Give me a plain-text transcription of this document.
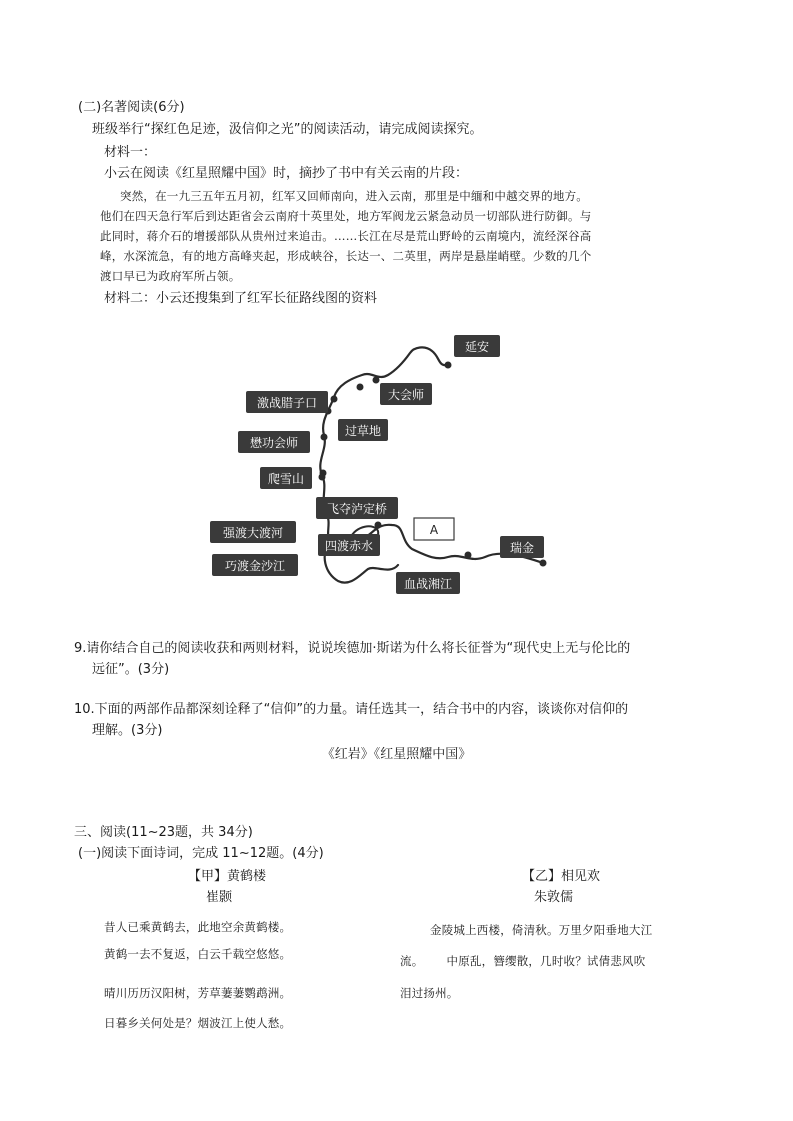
(二)名著阅读(6分)
班级举行“探红色足迹，汲信仰之光”的阅读活动，请完成阅读探究。
材料一：
小云在阅读《红星照耀中国》时，摘抄了书中有关云南的片段：
突然，在一九三五年五月初，红军又回师南向，进入云南，那里是中缅和中越交界的地方。
他们在四天急行军后到达距省会云南府十英里处，地方军阀龙云紧急动员一切部队进行防御。与
此同时，蒋介石的增援部队从贵州过来追击。……长江在尽是荒山野岭的云南境内，流经深谷高
峰，水深流急，有的地方高峰夹起，形成峡谷，长达一、二英里，两岸是悬崖峭壁。少数的几个
渡口早已为政府军所占领。
材料二：小云还搜集到了红军长征路线图的资料
延安
大会师
激战腊子口
过草地
懋功会师
爬雪山
飞夺泸定桥
强渡大渡河
四渡赤水
A
巧渡金沙江
血战湘江
瑞金
9.请你结合自己的阅读收获和两则材料，说说埃德加·斯诺为什么将长征誉为“现代史上无与伦比的
远征”。(3分)
10.下面的两部作品都深刻诠释了“信仰”的力量。请任选其一，结合书中的内容，谈谈你对信仰的
理解。(3分)
《红岩》《红星照耀中国》
三、阅读(11~23题，共 34分)
(一)阅读下面诗词，完成 11~12题。(4分)
【甲】黄鹤楼
崔颢
昔人已乘黄鹤去，此地空余黄鹤楼。
黄鹤一去不复返，白云千载空悠悠。
晴川历历汉阳树，芳草萋萋鹦鹉洲。
日暮乡关何处是？烟波江上使人愁。
【乙】相见欢
朱敦儒
金陵城上西楼，倚清秋。万里夕阳垂地大江
流。      中原乱，簪缨散，几时收？试倩悲风吹
泪过扬州。
